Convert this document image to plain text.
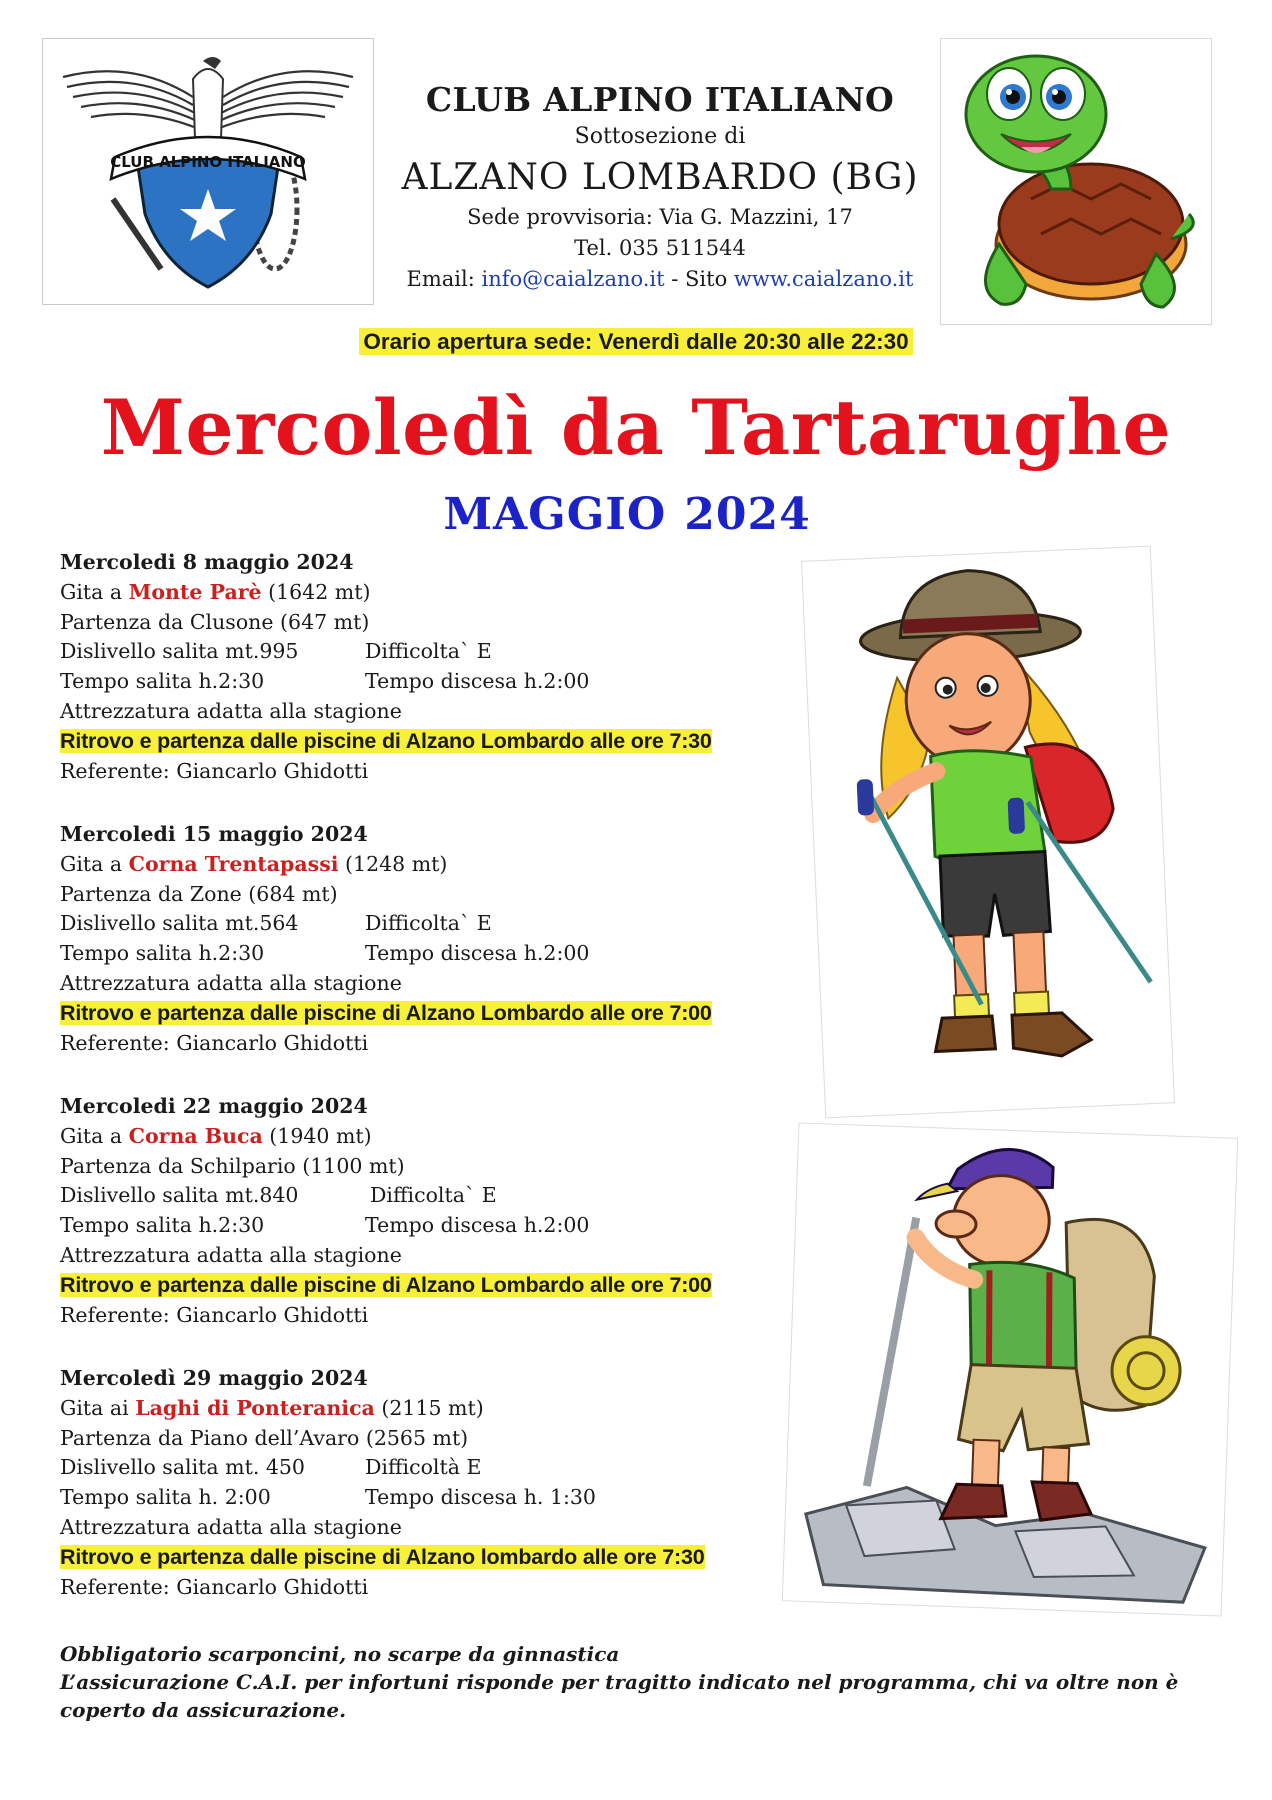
CLUB ALPINO ITALIANO

CLUB ALPINO ITALIANO

Sottosezione di

ALZANO LOMBARDO (BG)

Sede provvisoria: Via G. Mazzini, 17

Tel. 035 511544

Email: info@caialzano.it - Sito www.caialzano.it

Orario apertura sede: Venerdì dalle 20:30 alle 22:30
Mercoledì da Tartarughe
MAGGIO 2024

Mercoledi 8 maggio 2024

Gita a Monte Parè (1642 mt)

Partenza da Clusone (647 mt)

Dislivello salita mt.995	Difficolta` E

Tempo salita h.2:30	Tempo discesa h.2:00

Attrezzatura adatta alla stagione

Ritrovo e partenza dalle piscine di Alzano Lombardo alle ore 7:30

Referente: Giancarlo Ghidotti

Mercoledi 15 maggio 2024

Gita a Corna Trentapassi (1248 mt)

Partenza da Zone (684 mt)

Dislivello salita mt.564	Difficolta` E

Tempo salita h.2:30	Tempo discesa h.2:00

Attrezzatura adatta alla stagione

Ritrovo e partenza dalle piscine di Alzano Lombardo alle ore 7:00

Referente: Giancarlo Ghidotti

Mercoledi 22 maggio 2024

Gita a Corna Buca (1940 mt)

Partenza da Schilpario (1100 mt)

Dislivello salita mt.840	Difficolta` E

Tempo salita h.2:30	Tempo discesa h.2:00

Attrezzatura adatta alla stagione

Ritrovo e partenza dalle piscine di Alzano Lombardo alle ore 7:00

Referente: Giancarlo Ghidotti

Mercoledì 29 maggio 2024

Gita ai Laghi di Ponteranica (2115 mt)

Partenza da Piano dell’Avaro (2565 mt)

Dislivello salita mt. 450	Difficoltà E

Tempo salita h. 2:00	Tempo discesa h. 1:30

Attrezzatura adatta alla stagione

Ritrovo e partenza dalle piscine di Alzano lombardo alle ore 7:30

Referente: Giancarlo Ghidotti

Obbligatorio scarponcini, no scarpe da ginnastica

L’assicurazione C.A.I. per infortuni risponde per tragitto indicato nel programma, chi va oltre non è coperto da assicurazione.
